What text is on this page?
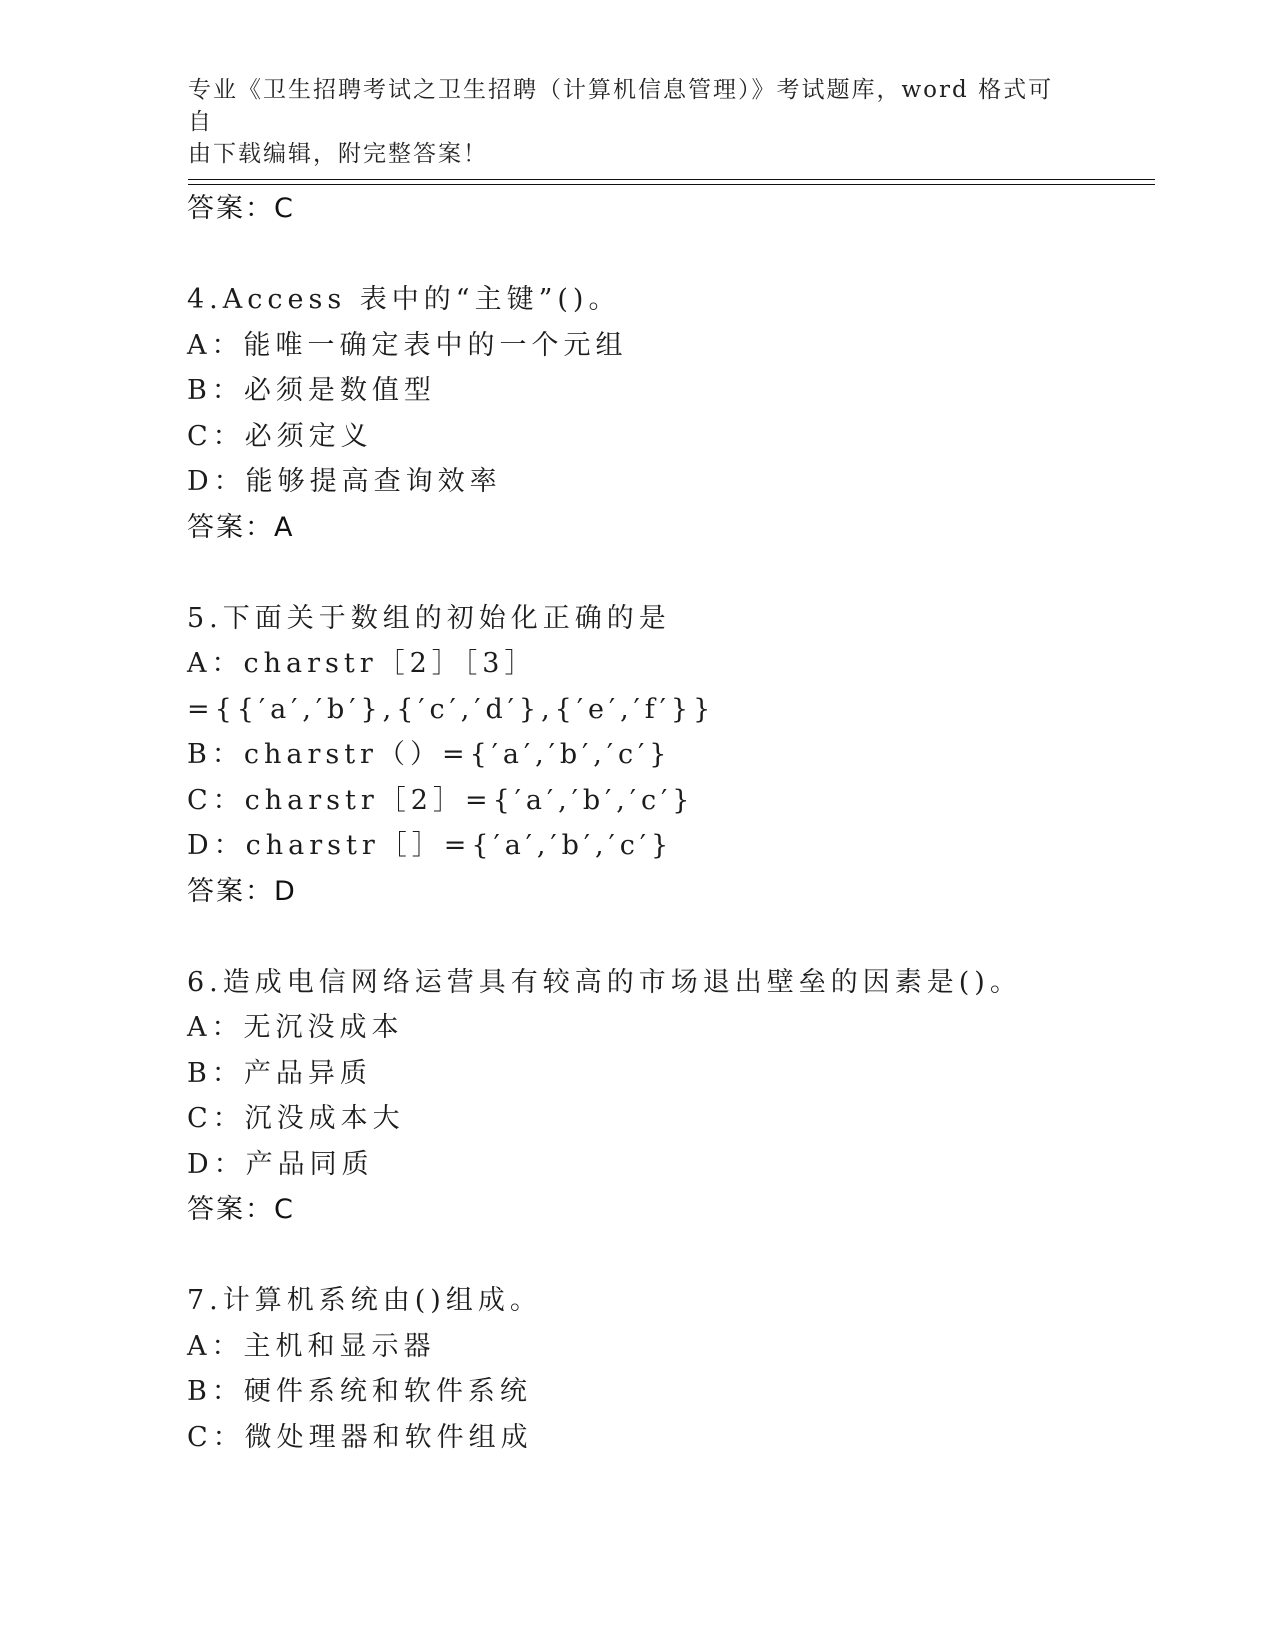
专业《卫生招聘考试之卫生招聘（计算机信息管理）》考试题库，word 格式可自
由下载编辑，附完整答案！
答案：C
4.Access 表中的“主键”()。
A：能唯一确定表中的一个元组
B：必须是数值型
C：必须定义
D：能够提高查询效率
答案：A
5.下面关于数组的初始化正确的是
A：charstr［2］［3］
={{′a′,′b′},{′c′,′d′},{′e′,′f′}}
B：charstr（）={′a′,′b′,′c′}
C：charstr［2］={′a′,′b′,′c′}
D：charstr［］={′a′,′b′,′c′}
答案：D
6.造成电信网络运营具有较高的市场退出壁垒的因素是()。
A：无沉没成本
B：产品异质
C：沉没成本大
D：产品同质
答案：C
7.计算机系统由()组成。
A：主机和显示器
B：硬件系统和软件系统
C：微处理器和软件组成
